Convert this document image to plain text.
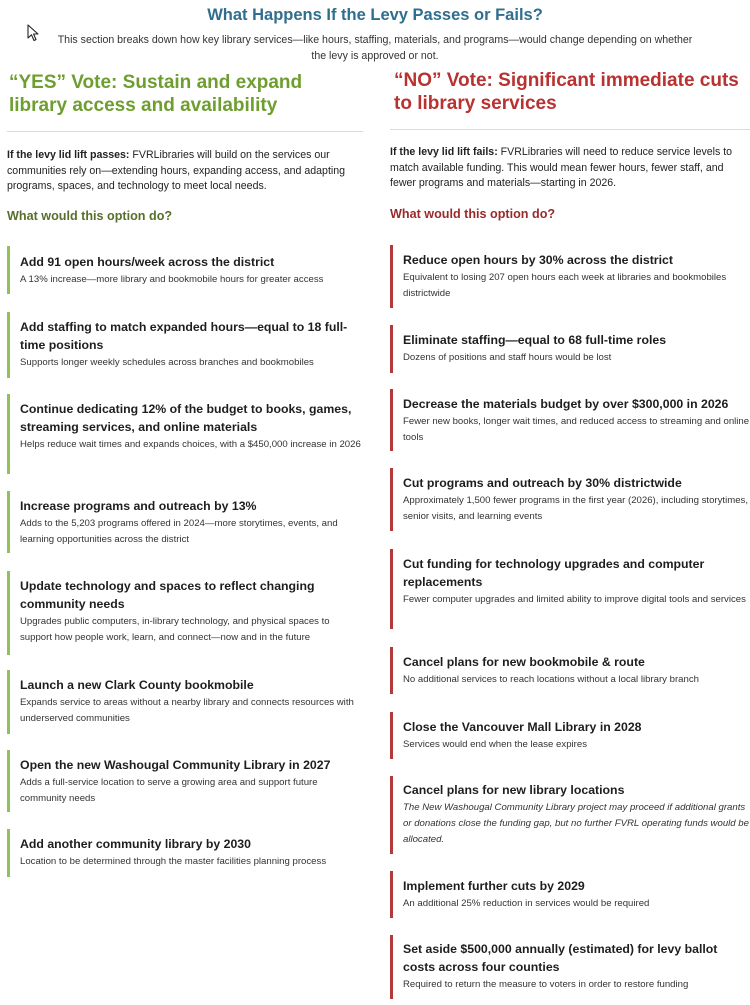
What Happens If the Levy Passes or Fails?
This section breaks down how key library services—like hours, staffing, materials, and programs—would change depending on whether the levy is approved or not.
“YES” Vote: Sustain and expand library access and availability
If the levy lid lift passes: FVRLibraries will build on the services our communities rely on—extending hours, expanding access, and adapting programs, spaces, and technology to meet local needs.
What would this option do?
Add 91 open hours/week across the district
A 13% increase—more library and bookmobile hours for greater access
Add staffing to match expanded hours—equal to 18 full-time positions
Supports longer weekly schedules across branches and bookmobiles
Continue dedicating 12% of the budget to books, games, streaming services, and online materials
Helps reduce wait times and expands choices, with a $450,000 increase in 2026
Increase programs and outreach by 13%
Adds to the 5,203 programs offered in 2024—more storytimes, events, and learning opportunities across the district
Update technology and spaces to reflect changing community needs
Upgrades public computers, in-library technology, and physical spaces to support how people work, learn, and connect—now and in the future
Launch a new Clark County bookmobile
Expands service to areas without a nearby library and connects resources with underserved communities
Open the new Washougal Community Library in 2027
Adds a full-service location to serve a growing area and support future community needs
Add another community library by 2030
Location to be determined through the master facilities planning process
“NO” Vote: Significant immediate cuts to library services
If the levy lid lift fails: FVRLibraries will need to reduce service levels to match available funding. This would mean fewer hours, fewer staff, and fewer programs and materials—starting in 2026.
What would this option do?
Reduce open hours by 30% across the district
Equivalent to losing 207 open hours each week at libraries and bookmobiles districtwide
Eliminate staffing—equal to 68 full-time roles
Dozens of positions and staff hours would be lost
Decrease the materials budget by over $300,000 in 2026
Fewer new books, longer wait times, and reduced access to streaming and online tools
Cut programs and outreach by 30% districtwide
Approximately 1,500 fewer programs in the first year (2026), including storytimes, senior visits, and learning events
Cut funding for technology upgrades and computer replacements
Fewer computer upgrades and limited ability to improve digital tools and services
Cancel plans for new bookmobile & route
No additional services to reach locations without a local library branch
Close the Vancouver Mall Library in 2028
Services would end when the lease expires
Cancel plans for new library locations
The New Washougal Community Library project may proceed if additional grants or donations close the funding gap, but no further FVRL operating funds would be allocated.
Implement further cuts by 2029
An additional 25% reduction in services would be required
Set aside $500,000 annually (estimated) for levy ballot costs across four counties
Required to return the measure to voters in order to restore funding
